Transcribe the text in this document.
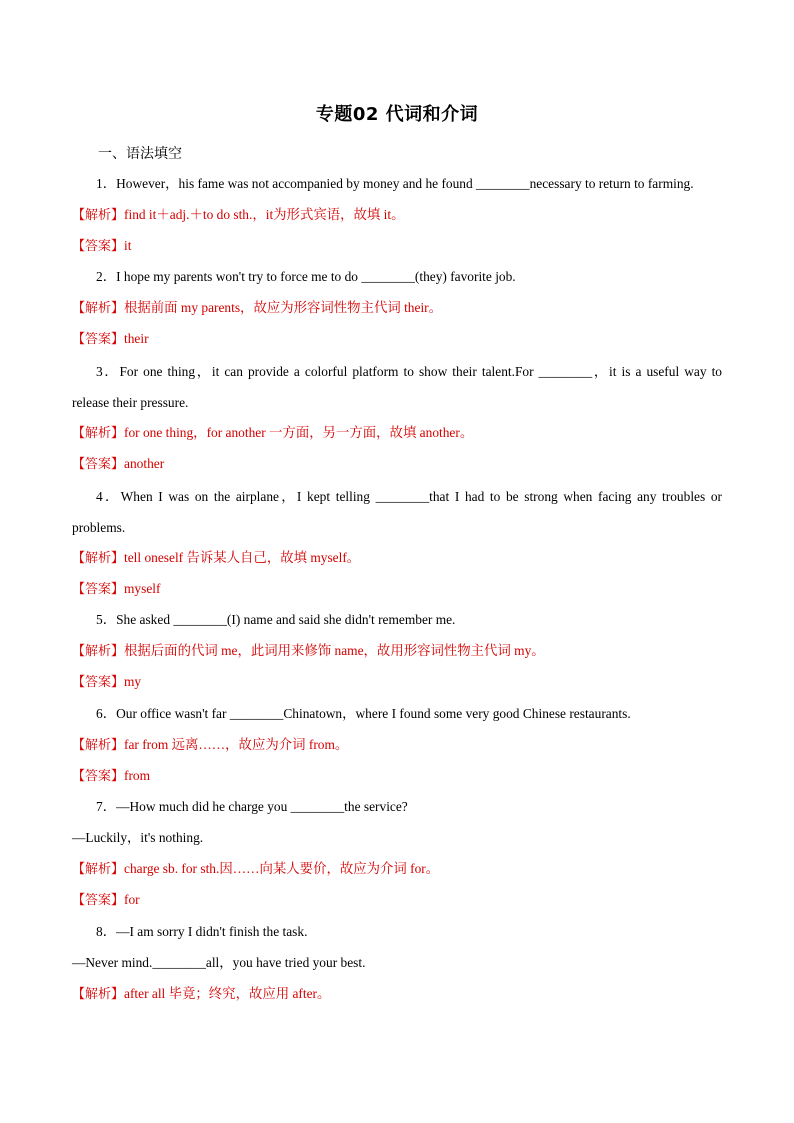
专题02 代词和介词
一、语法填空
1．However，his fame was not accompanied by money and he found ________necessary to return to farming.
【解析】find it＋adj.＋to do sth.，it为形式宾语，故填 it。
【答案】it
2．I hope my parents won't try to force me to do ________(they) favorite job.
【解析】根据前面 my parents，故应为形容词性物主代词 their。
【答案】their
3．For one thing，it can provide a colorful platform to show their talent.For ________，it is a useful way to release their pressure.
【解析】for one thing，for another 一方面，另一方面，故填 another。
【答案】another
4．When I was on the airplane，I kept telling ________that I had to be strong when facing any troubles or problems.
【解析】tell oneself 告诉某人自己，故填 myself。
【答案】myself
5．She asked ________(I) name and said she didn't remember me.
【解析】根据后面的代词 me，此词用来修饰 name，故用形容词性物主代词 my。
【答案】my
6．Our office wasn't far ________Chinatown，where I found some very good Chinese restaurants.
【解析】far from 远离……，故应为介词 from。
【答案】from
7．—How much did he charge you ________the service?
—Luckily，it's nothing.
【解析】charge sb. for sth.因……向某人要价，故应为介词 for。
【答案】for
8．—I am sorry I didn't finish the task.
—Never mind.________all，you have tried your best.
【解析】after all 毕竟；终究，故应用 after。
